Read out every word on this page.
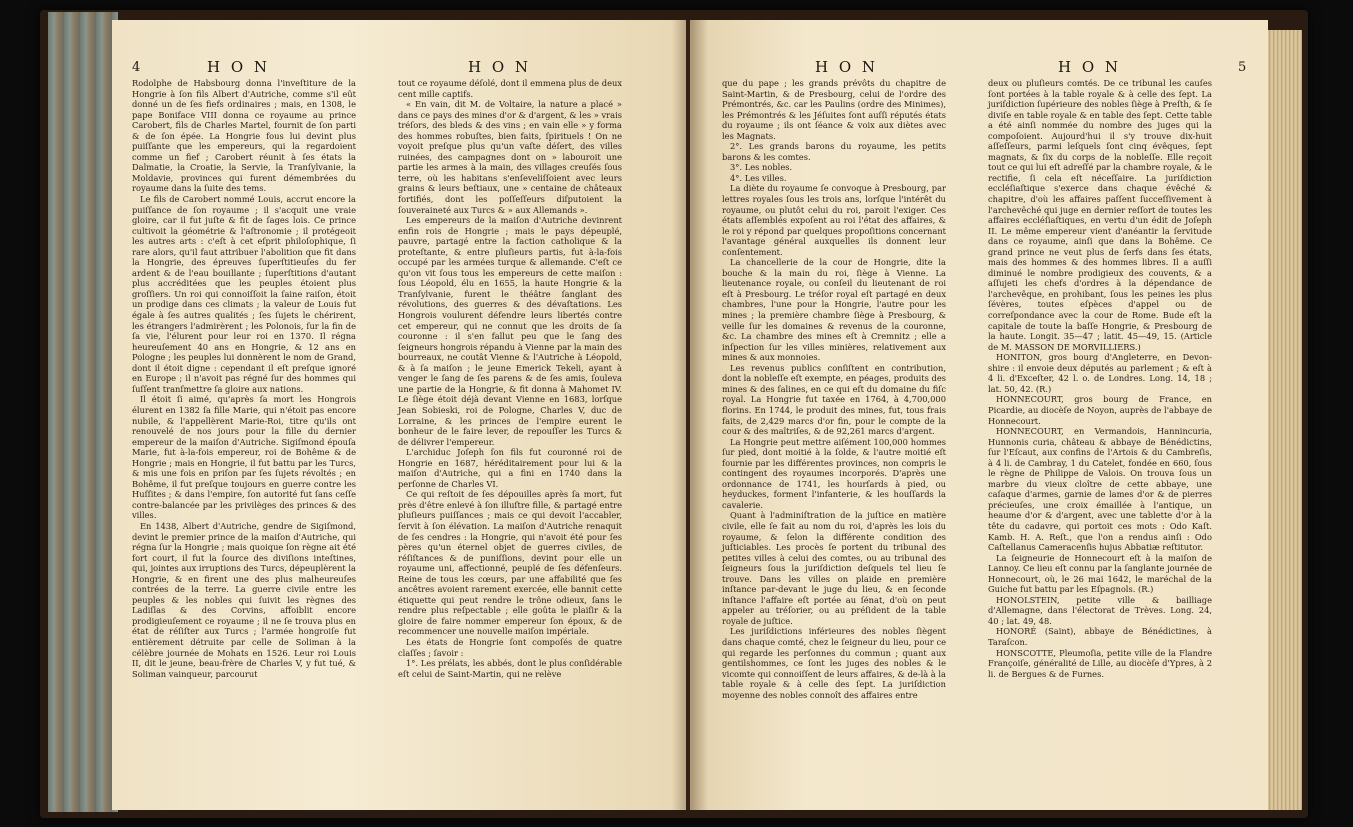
4	H O N	H O N

Rodolphe de Habsbourg donna l'inveſtiture de la Hongrie à ſon fils Albert d'Autriche, comme s'il eût donné un de ſes fiefs ordinaires ; mais, en 1308, le pape Boniface VIII donna ce royaume au prince Carobert, fils de Charles Martel, fournit de ſon parti & de ſon épée. La Hongrie fous lui devint plus puiſſante que les empereurs, qui la regardoient comme un fief ; Carobert réunit à ſes états la Dalmatie, la Croatie, la Servie, la Tranſylvanie, la Moldavie, provinces qui furent démembrées du royaume dans la ſuite des tems.

Le fils de Carobert nommé Louis, accrut encore la puiſſance de ſon royaume ; il s'acquit une vraie gloire, car il fut juſte & fit de ſages lois. Ce prince cultivoit la géométrie & l'aſtronomie ; il protégeoit les autres arts : c'eſt à cet eſprit philoſophique, ſi rare alors, qu'il faut attribuer l'abolition que fit dans la Hongrie, des épreuves ſuperſtitieuſes du fer ardent & de l'eau bouillante ; ſuperſtitions d'autant plus accréditées que les peuples étoient plus groſſiers. Un roi qui connoiſſoit la ſaine raiſon, étoit un prodige dans ces climats ; la valeur de Louis fut égale à ſes autres qualités ; ſes ſujets le chérirent, les étrangers l'admirèrent ; les Polonois, ſur la fin de ſa vie, l'élurent pour leur roi en 1370. Il régna heureuſement 40 ans en Hongrie, & 12 ans en Pologne ; les peuples lui donnèrent le nom de Grand, dont il étoit digne : cependant il eſt preſque ignoré en Europe ; il n'avoit pas régné ſur des hommes qui ſuſſent tranſmettre ſa gloire aux nations.

Il étoit ſi aimé, qu'après ſa mort les Hongrois élurent en 1382 ſa fille Marie, qui n'étoit pas encore nubile, & l'appellèrent Marie-Roi, titre qu'ils ont renouvelé de nos jours pour la fille du dernier empereur de la maiſon d'Autriche. Sigiſmond épouſa Marie, fut à-la-fois empereur, roi de Bohême & de Hongrie ; mais en Hongrie, il fut battu par les Turcs, & mis une fois en priſon par ſes ſujets révoltés ; en Bohême, il fut preſque toujours en guerre contre les Huſſites ; & dans l'empire, ſon autorité fut ſans ceſſe contre-balancée par les privilèges des princes & des villes.

En 1438, Albert d'Autriche, gendre de Sigiſmond, devint le premier prince de la maiſon d'Autriche, qui régna ſur la Hongrie ; mais quoique ſon règne ait été fort court, il fut la ſource des diviſions inteſtines, qui, jointes aux irruptions des Turcs, dépeuplèrent la Hongrie, & en firent une des plus malheureuſes contrées de la terre. La guerre civile entre les peuples & les nobles qui ſuivit les règnes des Ladiſlas & des Corvins, affoiblit encore prodigieuſement ce royaume ; il ne ſe trouva plus en état de réſiſter aux Turcs ; l'armée hongroiſe fut entièrement détruite par celle de Soliman à la célèbre journée de Mohats en 1526. Leur roi Louis II, dit le jeune, beau-frère de Charles V, y fut tué, & Soliman vainqueur, parcourut

tout ce royaume déſolé, dont il emmena plus de deux cent mille captifs.

« En vain, dit M. de Voltaire, la nature a placé » dans ce pays des mines d'or & d'argent, & les » vrais tréſors, des bleds & des vins ; en vain elle » y forma des hommes robuſtes, bien faits, ſpirituels ! On ne voyoit preſque plus qu'un vaſte déſert, des villes ruinées, des campagnes dont on » labouroit une partie les armes à la main, des villages creuſés ſous terre, où les habitans s'enſeveliſſoient avec leurs grains & leurs beſtiaux, une » centaine de châteaux fortifiés, dont les poſſeſſeurs diſputoient la ſouveraineté aux Turcs & » aux Allemands ».

Les empereurs de la maiſon d'Autriche devinrent enfin rois de Hongrie ; mais le pays dépeuplé, pauvre, partagé entre la faction catholique & la proteſtante, & entre pluſieurs partis, fut à-la-fois occupé par les armées turque & allemande. C'eſt ce qu'on vit ſous tous les empereurs de cette maiſon : ſous Léopold, élu en 1655, la haute Hongrie & la Tranſylvanie, furent le théâtre ſanglant des révolutions, des guerres & des dévaſtations. Les Hongrois voulurent défendre leurs libertés contre cet empereur, qui ne connut que les droits de ſa couronne : il s'en fallut peu que le ſang des ſeigneurs hongrois répandu à Vienne par la main des bourreaux, ne coutât Vienne & l'Autriche à Léopold, & à ſa maiſon ; le jeune Emerick Tekeli, ayant à venger le ſang de ſes parens & de ſes amis, ſouleva une partie de la Hongrie, & fit donna à Mahomet IV. Le ſiège étoit déjà devant Vienne en 1683, lorſque Jean Sobieski, roi de Pologne, Charles V, duc de Lorraine, & les princes de l'empire eurent le bonheur de le faire lever, de repouſſer les Turcs & de délivrer l'empereur.

L'archiduc Joſeph ſon fils fut couronné roi de Hongrie en 1687, héréditairement pour lui & la maiſon d'Autriche, qui a fini en 1740 dans la perſonne de Charles VI.

Ce qui reſtoit de ſes dépouilles après ſa mort, fut près d'être enlevé à ſon illuſtre fille, & partagé entre pluſieurs puiſſances ; mais ce qui devoit l'accabler, ſervit à ſon élévation. La maiſon d'Autriche renaquit de ſes cendres : la Hongrie, qui n'avoit été pour ſes pères qu'un éternel objet de guerres civiles, de réſiſtances & de puniſſions, devint pour elle un royaume uni, affectionné, peuplé de ſes défenſeurs. Reine de tous les cœurs, par une affabilité que ſes ancêtres avoient rarement exercée, elle bannit cette étiquette qui peut rendre le trône odieux, ſans le rendre plus reſpectable ; elle goûta le plaiſir & la gloire de faire nommer empereur ſon époux, & de recommencer une nouvelle maiſon impériale.

Les états de Hongrie ſont compoſés de quatre claſſes ; ſavoir :

1°. Les prélats, les abbés, dont le plus conſidérable eſt celui de Saint-Martin, qui ne relève

H O N	H O N	5

que du pape ; les grands prévôts du chapitre de Saint-Martin, & de Presbourg, celui de l'ordre des Prémontrés, &c. car les Paulins (ordre des Minimes), les Prémontrés & les Jéſuites ſont auſſi réputés états du royaume ; ils ont ſéance & voix aux diètes avec les Magnats.

2°. Les grands barons du royaume, les petits barons & les comtes.

3°. Les nobles.

4°. Les villes.

La diète du royaume ſe convoque à Presbourg, par lettres royales ſous les trois ans, lorſque l'intérêt du royaume, ou plutôt celui du roi, paroit l'exiger. Ces états aſſemblés expoſent au roi l'état des affaires, & le roi y répond par quelques propoſitions concernant l'avantage général auxquelles ils donnent leur conſentement.

La chancellerie de la cour de Hongrie, dite la bouche & la main du roi, ſiège à Vienne. La lieutenance royale, ou conſeil du lieutenant de roi eſt à Presbourg. Le tréſor royal eſt partagé en deux chambres, l'une pour la Hongrie, l'autre pour les mines ; la première chambre ſiège à Presbourg, & veille ſur les domaines & revenus de la couronne, &c. La chambre des mines eſt à Cremnitz ; elle a inſpection ſur les villes minières, relativement aux mines & aux monnoies.

Les revenus publics conſiſtent en contribution, dont la nobleſſe eſt exempte, en péages, produits des mines & des ſalines, en ce qui eſt du domaine du fiſc royal. La Hongrie fut taxée en 1764, à 4,700,000 florins. En 1744, le produit des mines, fut, tous frais faits, de 2,429 marcs d'or fin, pour le compte de la cour & des maîtriſes, & de 92,261 marcs d'argent.

La Hongrie peut mettre aiſément 100,000 hommes ſur pied, dont moitié à la ſolde, & l'autre moitié eſt fournie par les différentes provinces, non compris le contingent des royaumes incorporés. D'après une ordonnance de 1741, les hourſards à pied, ou heyduckes, forment l'infanterie, & les houſſards la cavalerie.

Quant à l'adminiſtration de la juſtice en matière civile, elle ſe fait au nom du roi, d'après les lois du royaume, & ſelon la différente condition des juſticiables. Les procès ſe portent du tribunal des petites villes à celui des comtes, ou au tribunal des ſeigneurs ſous la juriſdiction deſquels tel lieu ſe trouve. Dans les villes on plaide en première inſtance par-devant le juge du lieu, & en ſeconde inſtance l'affaire eſt portée au ſénat, d'où on peut appeler au tréſorier, ou au préſident de la table royale de juſtice.

Les juriſdictions inférieures des nobles ſiègent dans chaque comté, chez le ſeigneur du lieu, pour ce qui regarde les perſonnes du commun ; quant aux gentilshommes, ce ſont les juges des nobles & le vicomte qui connoiſſent de leurs affaires, & de-là à la table royale & à celle des ſept. La juriſdiction moyenne des nobles connoît des affaires entre

deux ou pluſieurs comtés. De ce tribunal les cauſes ſont portées à la table royale & à celle des ſept. La juriſdiction ſupérieure des nobles ſiège à Preſth, & ſe diviſe en table royale & en table des ſept. Cette table a été ainſi nommée du nombre des juges qui la compoſoient. Aujourd'hui il s'y trouve dix-huit aſſeſſeurs, parmi leſquels ſont cinq évêques, ſept magnats, & ſix du corps de la nobleſſe. Elle reçoit tout ce qui lui eſt adreſſé par la chambre royale, & le rectifie, ſi cela eſt néceſſaire. La juriſdiction eccléſiaſtique s'exerce dans chaque évêché & chapitre, d'où les affaires paſſent ſucceſſivement à l'archevêché qui juge en dernier reſſort de toutes les affaires eccléſiaſtiques, en vertu d'un édit de Joſeph II. Le même empereur vient d'anéantir la ſervitude dans ce royaume, ainſi que dans la Bohême. Ce grand prince ne veut plus de ſerfs dans ſes états, mais des hommes & des hommes libres. Il a auſſi diminué le nombre prodigieux des couvents, & a aſſujeti les chefs d'ordres à la dépendance de l'archevêque, en prohibant, ſous les peines les plus ſévères, toutes eſpèces d'appel ou de correſpondance avec la cour de Rome. Bude eſt la capitale de toute la baſſe Hongrie, & Presbourg de la haute. Longit. 35—47 ; latit. 45—49, 15. (Article de M. MASSON DE MORVILLIERS.)

HONITON, gros bourg d'Angleterre, en Devon-shire : il envoie deux députés au parlement ; & eſt à 4 li. d'Exceſter, 42 l. o. de Londres. Long. 14, 18 ; lat. 50, 42. (R.)

HONNECOURT, gros bourg de France, en Picardie, au diocèſe de Noyon, auprès de l'abbaye de Honnecourt.

HONNECOURT, en Vermandois, Hannincuria, Hunnonis curia, château & abbaye de Bénédictins, ſur l'Eſcaut, aux confins de l'Artois & du Cambreſis, à 4 li. de Cambray, 1 du Catelet, fondée en 660, ſous le règne de Philippe de Valois. On trouva ſous un marbre du vieux cloître de cette abbaye, une caſaque d'armes, garnie de lames d'or & de pierres précieuſes, une croix émaillée à l'antique, un heaume d'or & d'argent, avec une tablette d'or à la tête du cadavre, qui portoit ces mots : Odo Kaſt. Kamb. H. A. Reſt., que l'on a rendus ainſi : Odo Caſtellanus Cameracenſis hujus Abbatiæ reſtitutor.

La ſeigneurie de Honnecourt eſt à la maiſon de Lannoy. Ce lieu eſt connu par la ſanglante journée de Honnecourt, où, le 26 mai 1642, le maréchal de la Guiche fut battu par les Eſpagnols. (R.)

HONOLSTEIN, petite ville & bailliage d'Allemagne, dans l'électorat de Trèves. Long. 24, 40 ; lat. 49, 48.

HONORÉ (Saint), abbaye de Bénédictines, à Taraſcon.

HONSCOTTE, Pleumoſia, petite ville de la Flandre Françoiſe, généralité de Lille, au diocèſe d'Ypres, à 2 li. de Bergues & de Furnes.
